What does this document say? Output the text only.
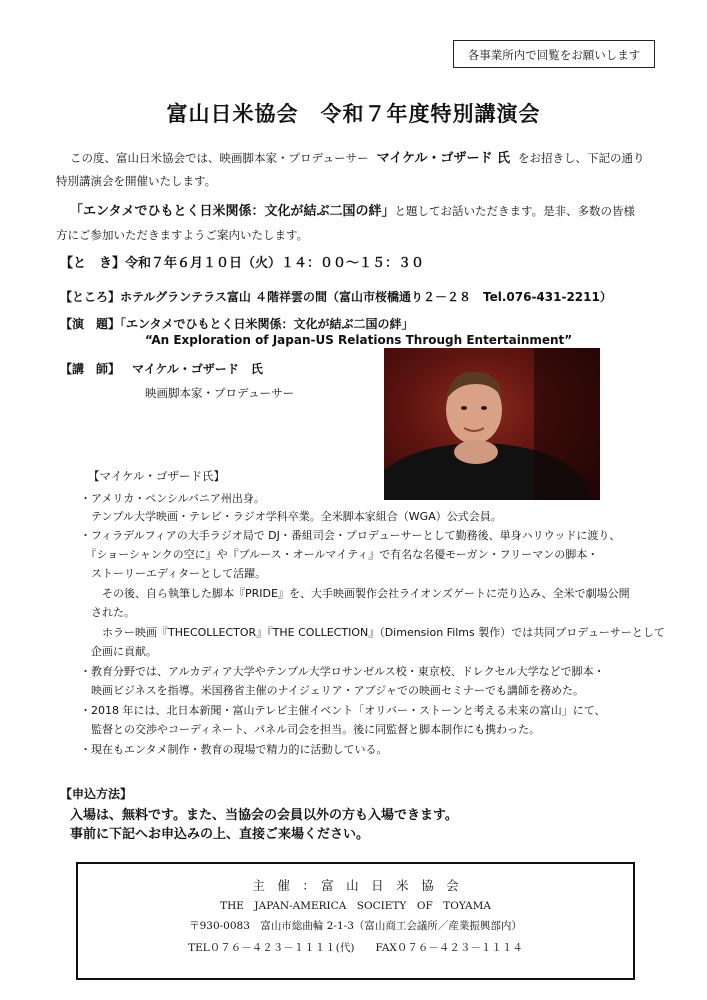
各事業所内で回覧をお願いします
富山日米協会　令和７年度特別講演会
この度、富山日米協会では、映画脚本家・プロデューサー マイケル・ゴザード 氏 をお招きし、下記の通り
特別講演会を開催いたします。
「エンタメでひもとく日米関係：文化が結ぶ二国の絆」と題してお話いただきます。是非、多数の皆様
方にご参加いただきますようご案内いたします。
【と　き】令和７年６月１０日（火）１４：００～１５：３０
【ところ】ホテルグランテラス富山 ４階祥雲の間（富山市桜橋通り２－２８　Tel.076-431-2211）
【演　題】「エンタメでひもとく日米関係：文化が結ぶ二国の絆」
“An Exploration of Japan-US Relations Through Entertainment”
【講　師】 マイケル・ゴザード　氏
映画脚本家・プロデューサー
【マイケル・ゴザード氏】
・アメリカ・ペンシルバニア州出身。
　テンプル大学映画・テレビ・ラジオ学科卒業。全米脚本家組合（WGA）公式会員。
・フィラデルフィアの大手ラジオ局で DJ・番組司会・プロデューサーとして勤務後、単身ハリウッドに渡り、
　『ショーシャンクの空に』や『ブルース・オールマイティ』で有名な名優モーガン・フリーマンの脚本・
　ストーリーエディターとして活躍。
　　その後、自ら執筆した脚本『PRIDE』を、大手映画製作会社ライオンズゲートに売り込み、全米で劇場公開
　された。
　　ホラー映画『THECOLLECTOR』『THE COLLECTION』（Dimension Films 製作）では共同プロデューサーとして
　企画に貢献。
・教育分野では、アルカディア大学やテンプル大学ロサンゼルス校・東京校、ドレクセル大学などで脚本・
　映画ビジネスを指導。米国務省主催のナイジェリア・アブジャでの映画セミナーでも講師を務めた。
・2018 年には、北日本新聞・富山テレビ主催イベント「オリバー・ストーンと考える未来の富山」にて、
　監督との交渉やコーディネート、パネル司会を担当。後に同監督と脚本制作にも携わった。
・現在もエンタメ制作・教育の現場で精力的に活動している。
【申込方法】
入場は、無料です。また、当協会の会員以外の方も入場できます。
事前に下記へお申込みの上、直接ご来場ください。
主　催　：　富　山　日　米　協　会
THE　JAPAN-AMERICA　SOCIETY　OF　TOYAMA
〒930-0083　富山市総曲輪 2-1-3（富山商工会議所／産業振興部内）
TEL０７６－４２３－１１１１(代)　　FAX０７６－４２３－１１１４
